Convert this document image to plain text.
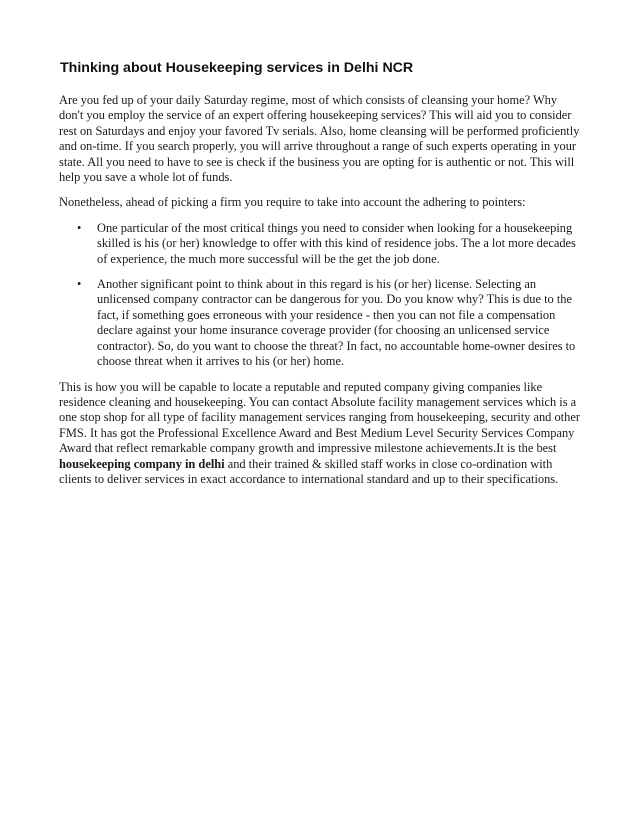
Thinking about Housekeeping services in Delhi NCR

Are you fed up of your daily Saturday regime, most of which consists of cleansing your home? Why don't you employ the service of an expert offering housekeeping services? This will aid you to consider rest on Saturdays and enjoy your favored Tv serials. Also, home cleansing will be performed proficiently and on-time. If you search properly, you will arrive throughout a range of such experts operating in your state. All you need to have to see is check if the business you are opting for is authentic or not. This will help you save a whole lot of funds.

Nonetheless, ahead of picking a firm you require to take into account the adhering to pointers:

• One particular of the most critical things you need to consider when looking for a housekeeping skilled is his (or her) knowledge to offer with this kind of residence jobs. The a lot more decades of experience, the much more successful will be the get the job done.
• Another significant point to think about in this regard is his (or her) license. Selecting an unlicensed company contractor can be dangerous for you. Do you know why? This is due to the fact, if something goes erroneous with your residence - then you can not file a compensation declare against your home insurance coverage provider (for choosing an unlicensed service contractor). So, do you want to choose the threat? In fact, no accountable home-owner desires to choose threat when it arrives to his (or her) home.

This is how you will be capable to locate a reputable and reputed company giving companies like residence cleaning and housekeeping. You can contact Absolute facility management services which is a one stop shop for all type of facility management services ranging from housekeeping, security and other FMS. It has got the Professional Excellence Award and Best Medium Level Security Services Company Award that reflect remarkable company growth and impressive milestone achievements.It is the best housekeeping company in delhi and their trained & skilled staff works in close co-ordination with clients to deliver services in exact accordance to international standard and up to their specifications.
